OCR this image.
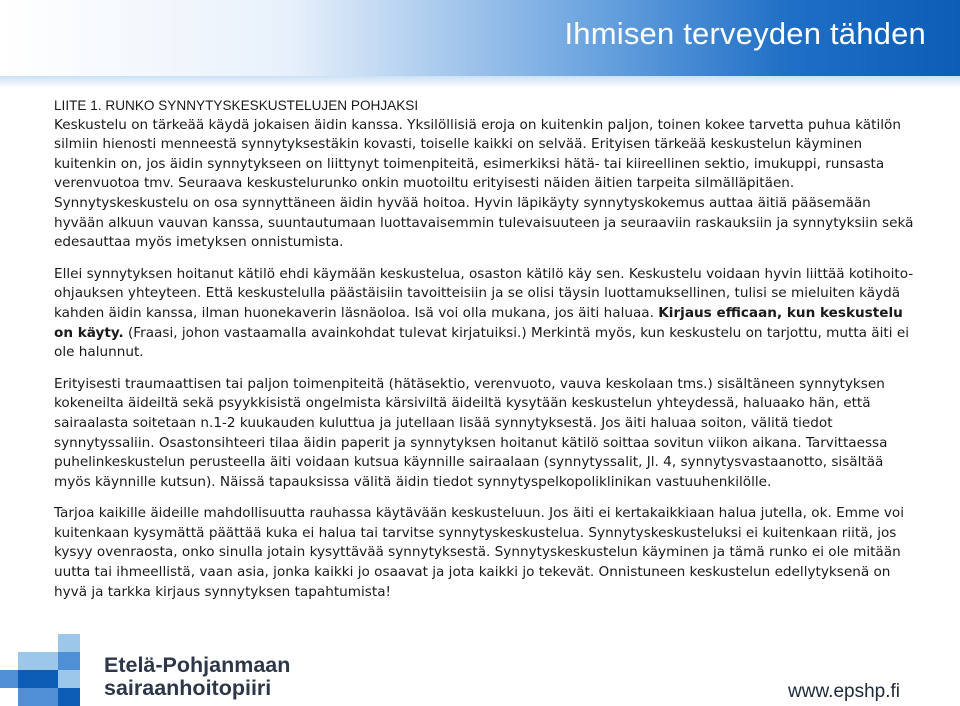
Ihmisen terveyden tähden

LIITE 1. RUNKO SYNNYTYSKESKUSTELUJEN POHJAKSI

Keskustelu on tärkeää käydä jokaisen äidin kanssa. Yksilöllisiä eroja on kuitenkin paljon, toinen kokee tarvetta puhua kätilön silmiin hienosti menneestä synnytyksestäkin kovasti, toiselle kaikki on selvää. Erityisen tärkeää keskustelun käyminen kuitenkin on, jos äidin synnytykseen on liittynyt toimenpiteitä, esimerkiksi hätä- tai kiireellinen sektio, imukuppi, runsasta verenvuotoa tmv. Seuraava keskustelurunko onkin muotoiltu erityisesti näiden äitien tarpeita silmälläpitäen. Synnytyskeskustelu on osa synnyttäneen äidin hyvää hoitoa. Hyvin läpikäyty synnytyskokemus auttaa äitiä pääsemään hyvään alkuun vauvan kanssa, suuntautumaan luottavaisemmin tulevaisuuteen ja seuraaviin raskauksiin ja synnytyksiin sekä edesauttaa myös imetyksen onnistumista.

Ellei synnytyksen hoitanut kätilö ehdi käymään keskustelua, osaston kätilö käy sen. Keskustelu voidaan hyvin liittää kotihoito-ohjauksen yhteyteen. Että keskustelulla päästäisiin tavoitteisiin ja se olisi täysin luottamuksellinen, tulisi se mieluiten käydä kahden äidin kanssa, ilman huonekaverin läsnäoloa. Isä voi olla mukana, jos äiti haluaa. Kirjaus efficaan, kun keskustelu on käyty. (Fraasi, johon vastaamalla avainkohdat tulevat kirjatuiksi.) Merkintä myös, kun keskustelu on tarjottu, mutta äiti ei ole halunnut.

Erityisesti traumaattisen tai paljon toimenpiteitä (hätäsektio, verenvuoto, vauva keskolaan tms.) sisältäneen synnytyksen kokeneilta äideiltä sekä psyykkisistä ongelmista kärsiviltä äideiltä kysytään keskustelun yhteydessä, haluaako hän, että sairaalasta soitetaan n.1-2 kuukauden kuluttua ja jutellaan lisää synnytyksestä. Jos äiti haluaa soiton, välitä tiedot synnytyssaliin. Osastonsihteeri tilaa äidin paperit ja synnytyksen hoitanut kätilö soittaa sovitun viikon aikana. Tarvittaessa puhelinkeskustelun perusteella äiti voidaan kutsua käynnille sairaalaan (synnytyssalit, Jl. 4, synnytysvastaanotto, sisältää myös käynnille kutsun). Näissä tapauksissa välitä äidin tiedot synnytyspelkopoliklinikan vastuuhenkilölle.

Tarjoa kaikille äideille mahdollisuutta rauhassa käytävään keskusteluun. Jos äiti ei kertakaikkiaan halua jutella, ok. Emme voi kuitenkaan kysymättä päättää kuka ei halua tai tarvitse synnytyskeskustelua. Synnytyskeskusteluksi ei kuitenkaan riitä, jos kysyy ovenraosta, onko sinulla jotain kysyttävää synnytyksestä. Synnytyskeskustelun käyminen ja tämä runko ei ole mitään uutta tai ihmeellistä, vaan asia, jonka kaikki jo osaavat ja jota kaikki jo tekevät. Onnistuneen keskustelun edellytyksenä on hyvä ja tarkka kirjaus synnytyksen tapahtumista!

Etelä-Pohjanmaan
sairaanhoitopiiri	www.epshp.fi
